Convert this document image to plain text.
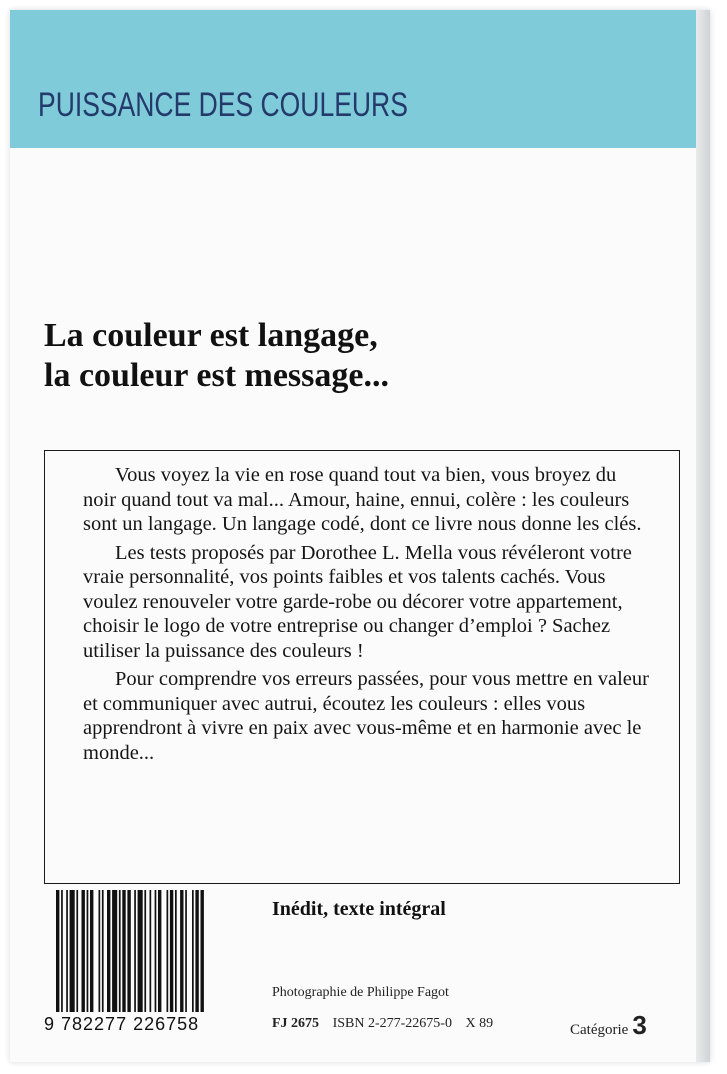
PUISSANCE DES COULEURS
La couleur est langage,
la couleur est message...

Vous voyez la vie en rose quand tout va bien, vous broyez du noir quand tout va mal... Amour, haine, ennui, colère : les couleurs sont un langage. Un langage codé, dont ce livre nous donne les clés.

Les tests proposés par Dorothee L. Mella vous révéleront votre vraie personnalité, vos points faibles et vos talents cachés. Vous voulez renouveler votre garde-robe ou décorer votre appartement, choisir le logo de votre entreprise ou changer d’emploi ? Sachez utiliser la puissance des couleurs !

Pour comprendre vos erreurs passées, pour vous mettre en valeur et communiquer avec autrui, écoutez les couleurs : elles vous apprendront à vivre en paix avec vous-même et en harmonie avec le monde...

9 782277 226758
Inédit, texte intégral
Photographie de Philippe Fagot
FJ 2675 ISBN 2-277-22675-0 X 89	Catégorie 3
